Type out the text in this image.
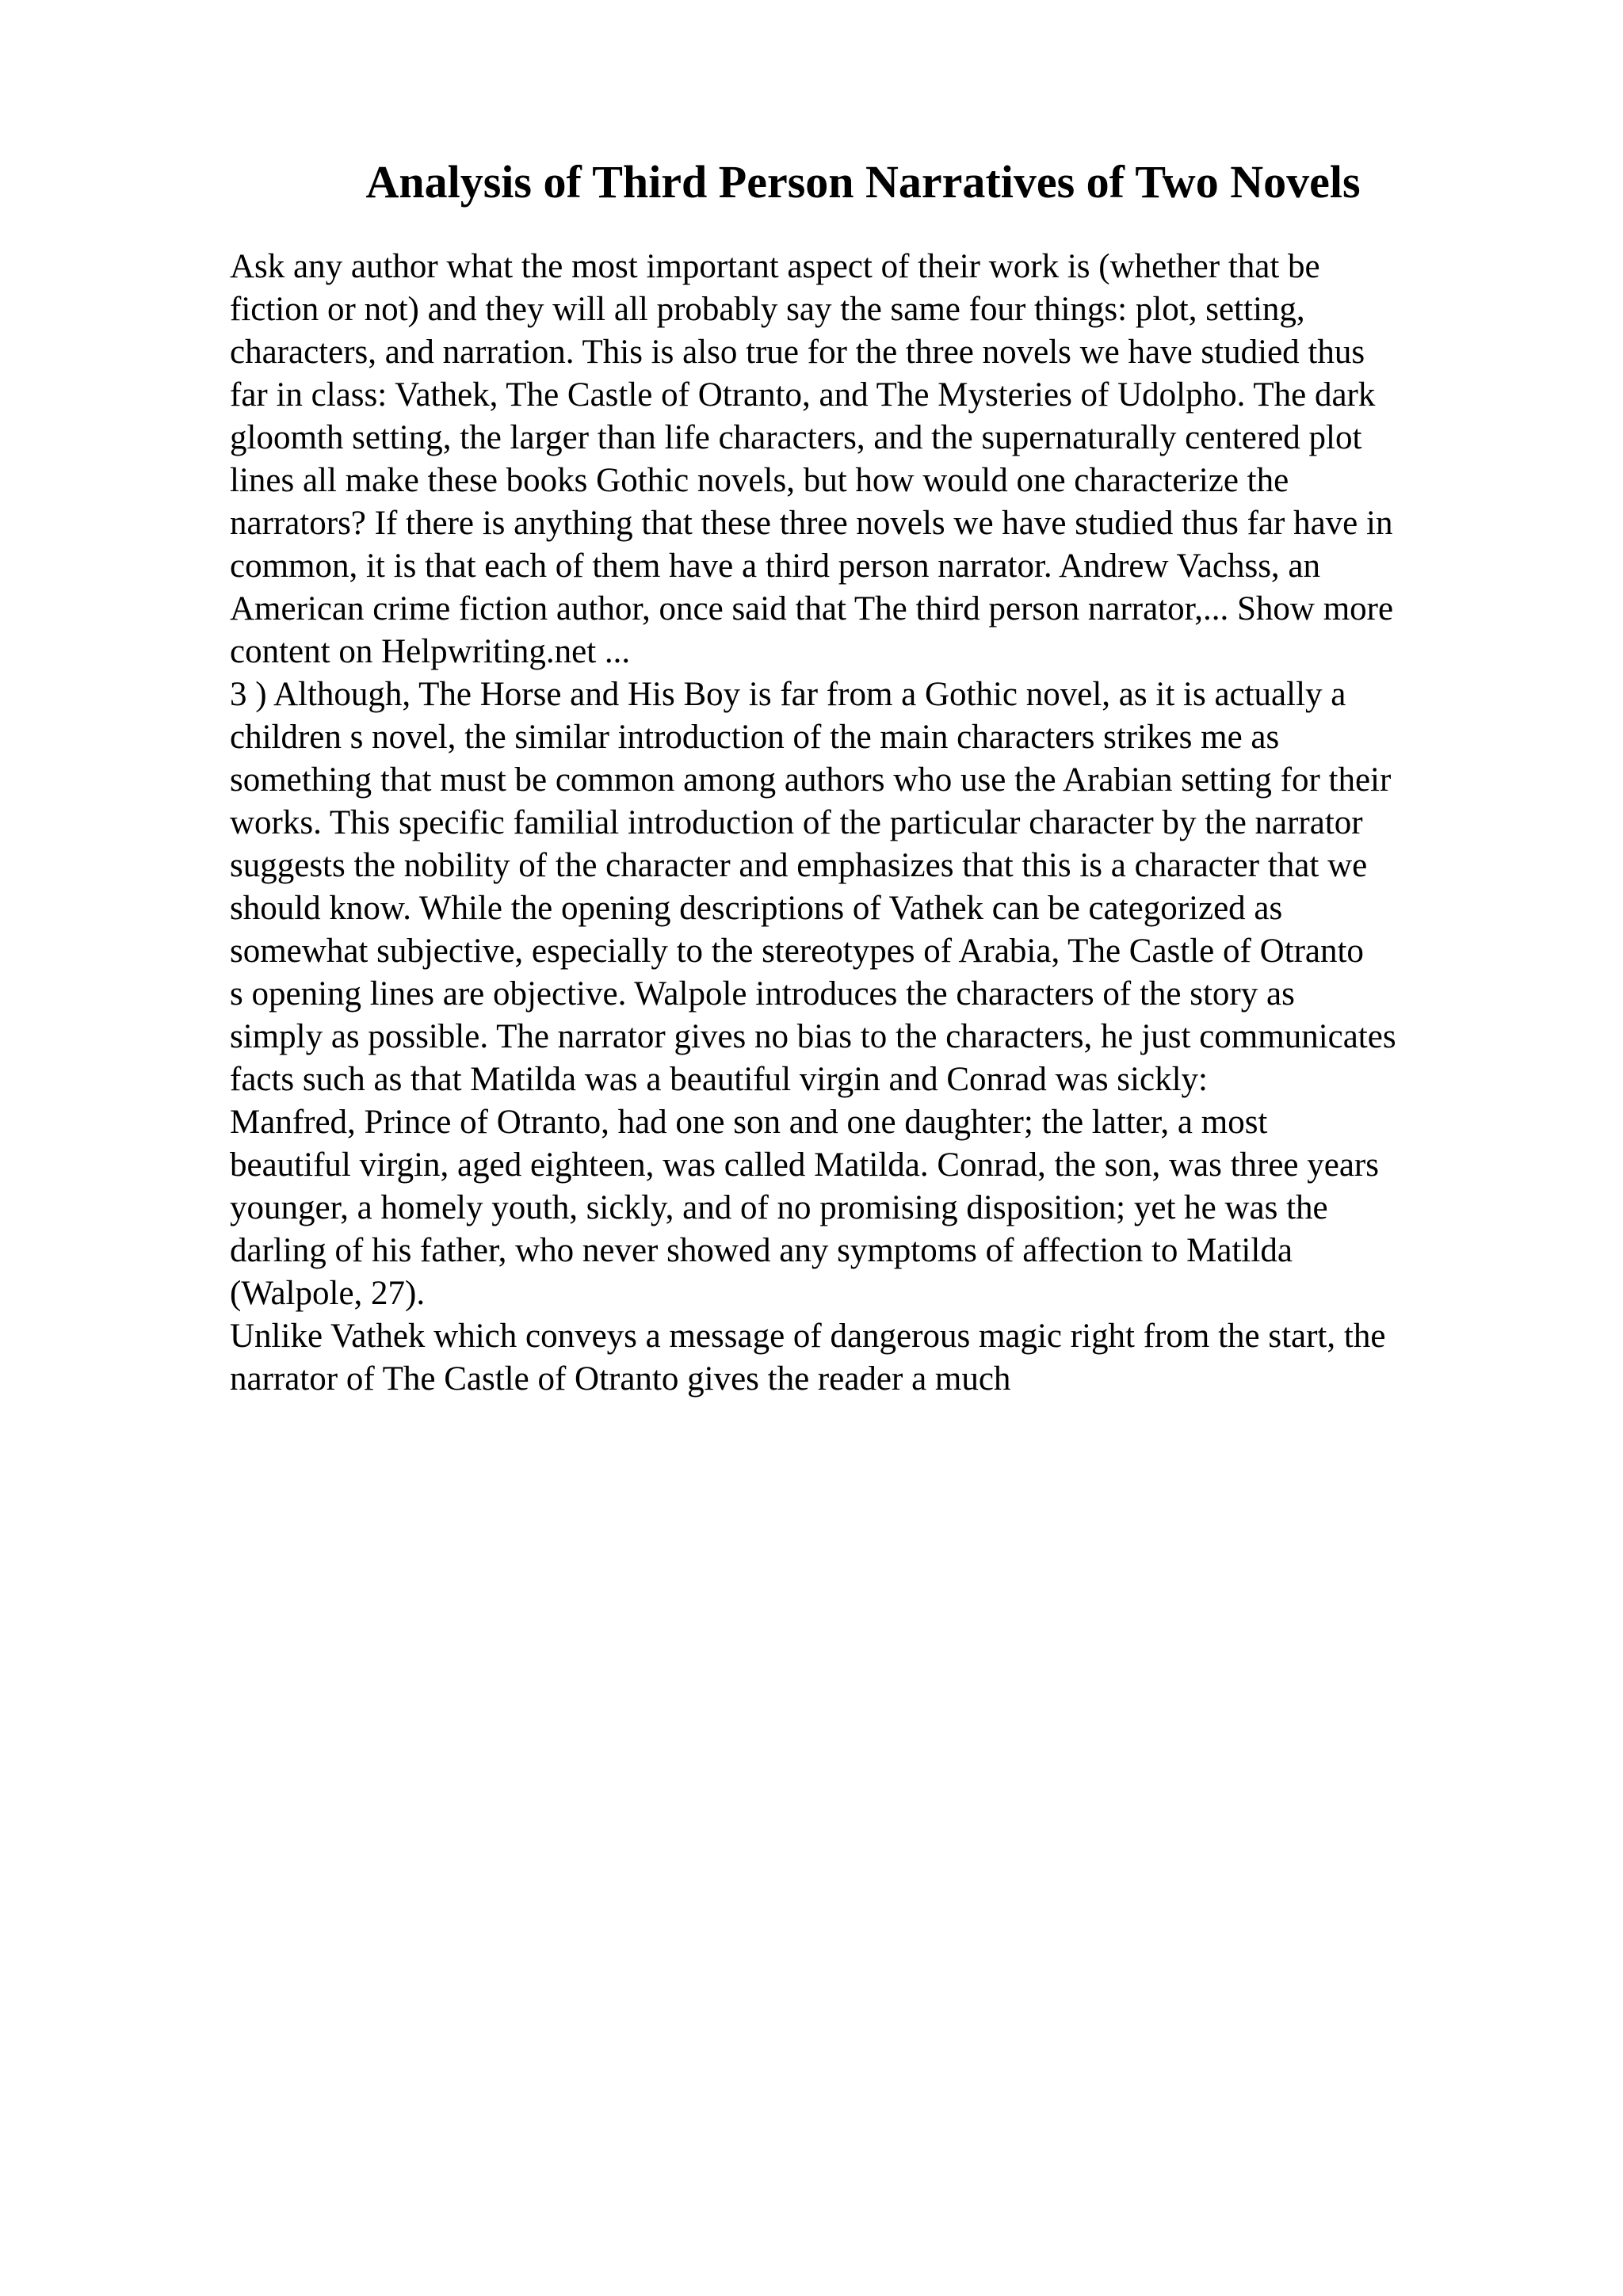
Analysis of Third Person Narratives of Two Novels
Ask any author what the most important aspect of their work is (whether that be
fiction or not) and they will all probably say the same four things: plot, setting,
characters, and narration. This is also true for the three novels we have studied thus
far in class: Vathek, The Castle of Otranto, and The Mysteries of Udolpho. The dark
gloomth setting, the larger than life characters, and the supernaturally centered plot
lines all make these books Gothic novels, but how would one characterize the
narrators? If there is anything that these three novels we have studied thus far have in
common, it is that each of them have a third person narrator. Andrew Vachss, an
American crime fiction author, once said that The third person narrator,... Show more
content on Helpwriting.net ...
3 ) Although, The Horse and His Boy is far from a Gothic novel, as it is actually a
children s novel, the similar introduction of the main characters strikes me as
something that must be common among authors who use the Arabian setting for their
works. This specific familial introduction of the particular character by the narrator
suggests the nobility of the character and emphasizes that this is a character that we
should know. While the opening descriptions of Vathek can be categorized as
somewhat subjective, especially to the stereotypes of Arabia, The Castle of Otranto
s opening lines are objective. Walpole introduces the characters of the story as
simply as possible. The narrator gives no bias to the characters, he just communicates
facts such as that Matilda was a beautiful virgin and Conrad was sickly:
Manfred, Prince of Otranto, had one son and one daughter; the latter, a most
beautiful virgin, aged eighteen, was called Matilda. Conrad, the son, was three years
younger, a homely youth, sickly, and of no promising disposition; yet he was the
darling of his father, who never showed any symptoms of affection to Matilda
(Walpole, 27).
Unlike Vathek which conveys a message of dangerous magic right from the start, the
narrator of The Castle of Otranto gives the reader a much
